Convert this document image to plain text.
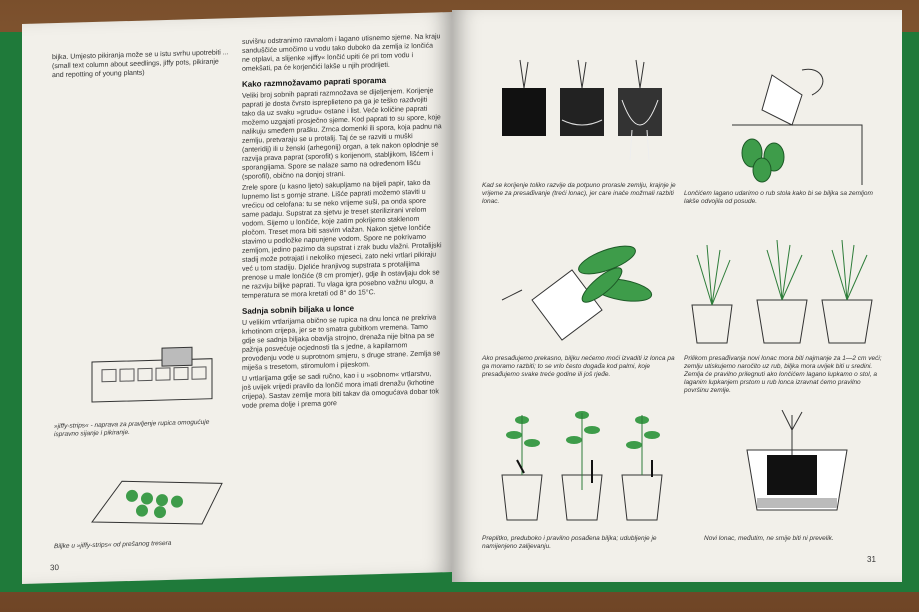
bijka. Umjesto pikiranja može se u istu svrhu upotrebiti ... (small text column about seedlings, jiffy pots, pikiranje and repotting of young plants)

»jiffy-strips« - naprava za pravljenje rupica omogućuje ispravno sijanje i pikiranje.
Biljke u »jiffy-strips« od prešanog tresera

suvišnu odstranimo ravnalom i lagano utisnemo sjeme. Na kraju sanduščiće umočimo u vodu tako duboko da zemlja iz lončića ne otplavi, a slijenke »jiffy« lončić upiti će pri tom vodu i omekšati, pa će korjenčići lakše u njih prodrijeti.

Kako razmnožavamo paprati sporama

Veliki broj sobnih paprati razmnožava se dijeljenjem. Korijenje paprati je dosta čvrsto ispreplieteno pa ga je teško razdvojiti tako da uz svaku »grudu« ostane i list. Veće količine paprati možemo uzgajati prosječno sjeme. Kod paprati to su spore, koje nalikuju smeđem prašku. Zrnca domenki ili spora, koja padnu na zemlju, pretvaraju se u protalij. Taj će se razviti u muški (anteridij) ili u ženski (arhegonij) organ, a tek nakon oplodnje se razvija prava paprat (sporofit) s korijenom, stabljikom, lišćem i sporangijama. Spore se nalaze samo na određenom lišću (sporofil), obično na donjoj strani.

Zrele spore (u kasno ljeto) sakupljamo na bijeli papir, tako da lupnemo list s gornje strane. Lišće paprati možemo staviti u vrećicu od celofana: tu se neko vrijeme suši, pa onda spore same padaju. Supstrat za sjetvu je treset sterilizirani vrelom vodom. Sijemo u lončiće, koje zatim pokrijemo staklenom pločom. Treset mora biti sasvim vlažan. Nakon sjetve lončiće stavimo u podložke napunjene vodom. Spore ne pokrivamo zemljom, jedino pazimo da supstrat i zrak budu vlažni. Protalijski stadij može potrajati i nekoliko mjeseci, zato neki vrtlari pikiraju već u tom stadiju. Djeliće hranjivog supstrata s protalijima prenose u male lončiće (8 cm promjer), gdje ih ostavljaju dok se ne razviju biljke paprati. Tu vlaga igra posebno važnu ulogu, a temperatura se mora kretati od 8° do 15°C.

Sadnja sobnih biljaka u lonce

U velikim vrtlarijama obično se rupica na dnu lonca ne prekriva krhotinom crijepa, jer se to smatra gubitkom vremena. Tamo gdje se sadnja biljaka obavlja strojno, drenaža nije bitna pa se pažnja posvećuje ocjednosti tla s jedne, a kapilarnom provođenju vode u suprotnom smjeru, s druge strane. Zemlja se miješa s tresetom, stiromulom i pijeskom.

U vrtlarijama gdje se sadi ručno, kao i u »sobnom« vrtlarstvu, još uvijek vrijedi pravilo da lončić mora imati drenažu (krhotine crijepa). Sastav zemlje mora biti takav da omogućava dobar tok vode prema dolje i prema gore

30
Kad se korijenje toliko razvije da potpuno prorasle zemlju, krajnje je vrijeme za presađivanje (treći lonac), jer care inače možmali razbiti lonac.
Lončićem lagano udarimo o rub stola kako bi se biljka sa zemljom lakše odvojila od posude.
Ako presađujemo prekasno, biljku nećemo moći izvaditi iz lonca pa ga moramo razbiti; to se vrlo često događa kod palmi, koje presađujemo svake treće godine ili još rjeđe.
Prilikom presađivanja novi lonac mora biti najmanje za 1—2 cm veći; zemlju utiskujemo naročito uz rub, biljka mora uvijek biti u sredini. Zemlja će pravilno prilegnuti ako lončićem lagano lupkamo o stol, a laganim lupkanjem prstom u rub lonca izravnat ćemo pravilno površinu zemlje.
Preplitko, preduboko i pravilno posađena biljka; udubljenje je namijenjeno zalijevanju.
Novi lonac, međutim, ne smije biti ni prevelik.
31
